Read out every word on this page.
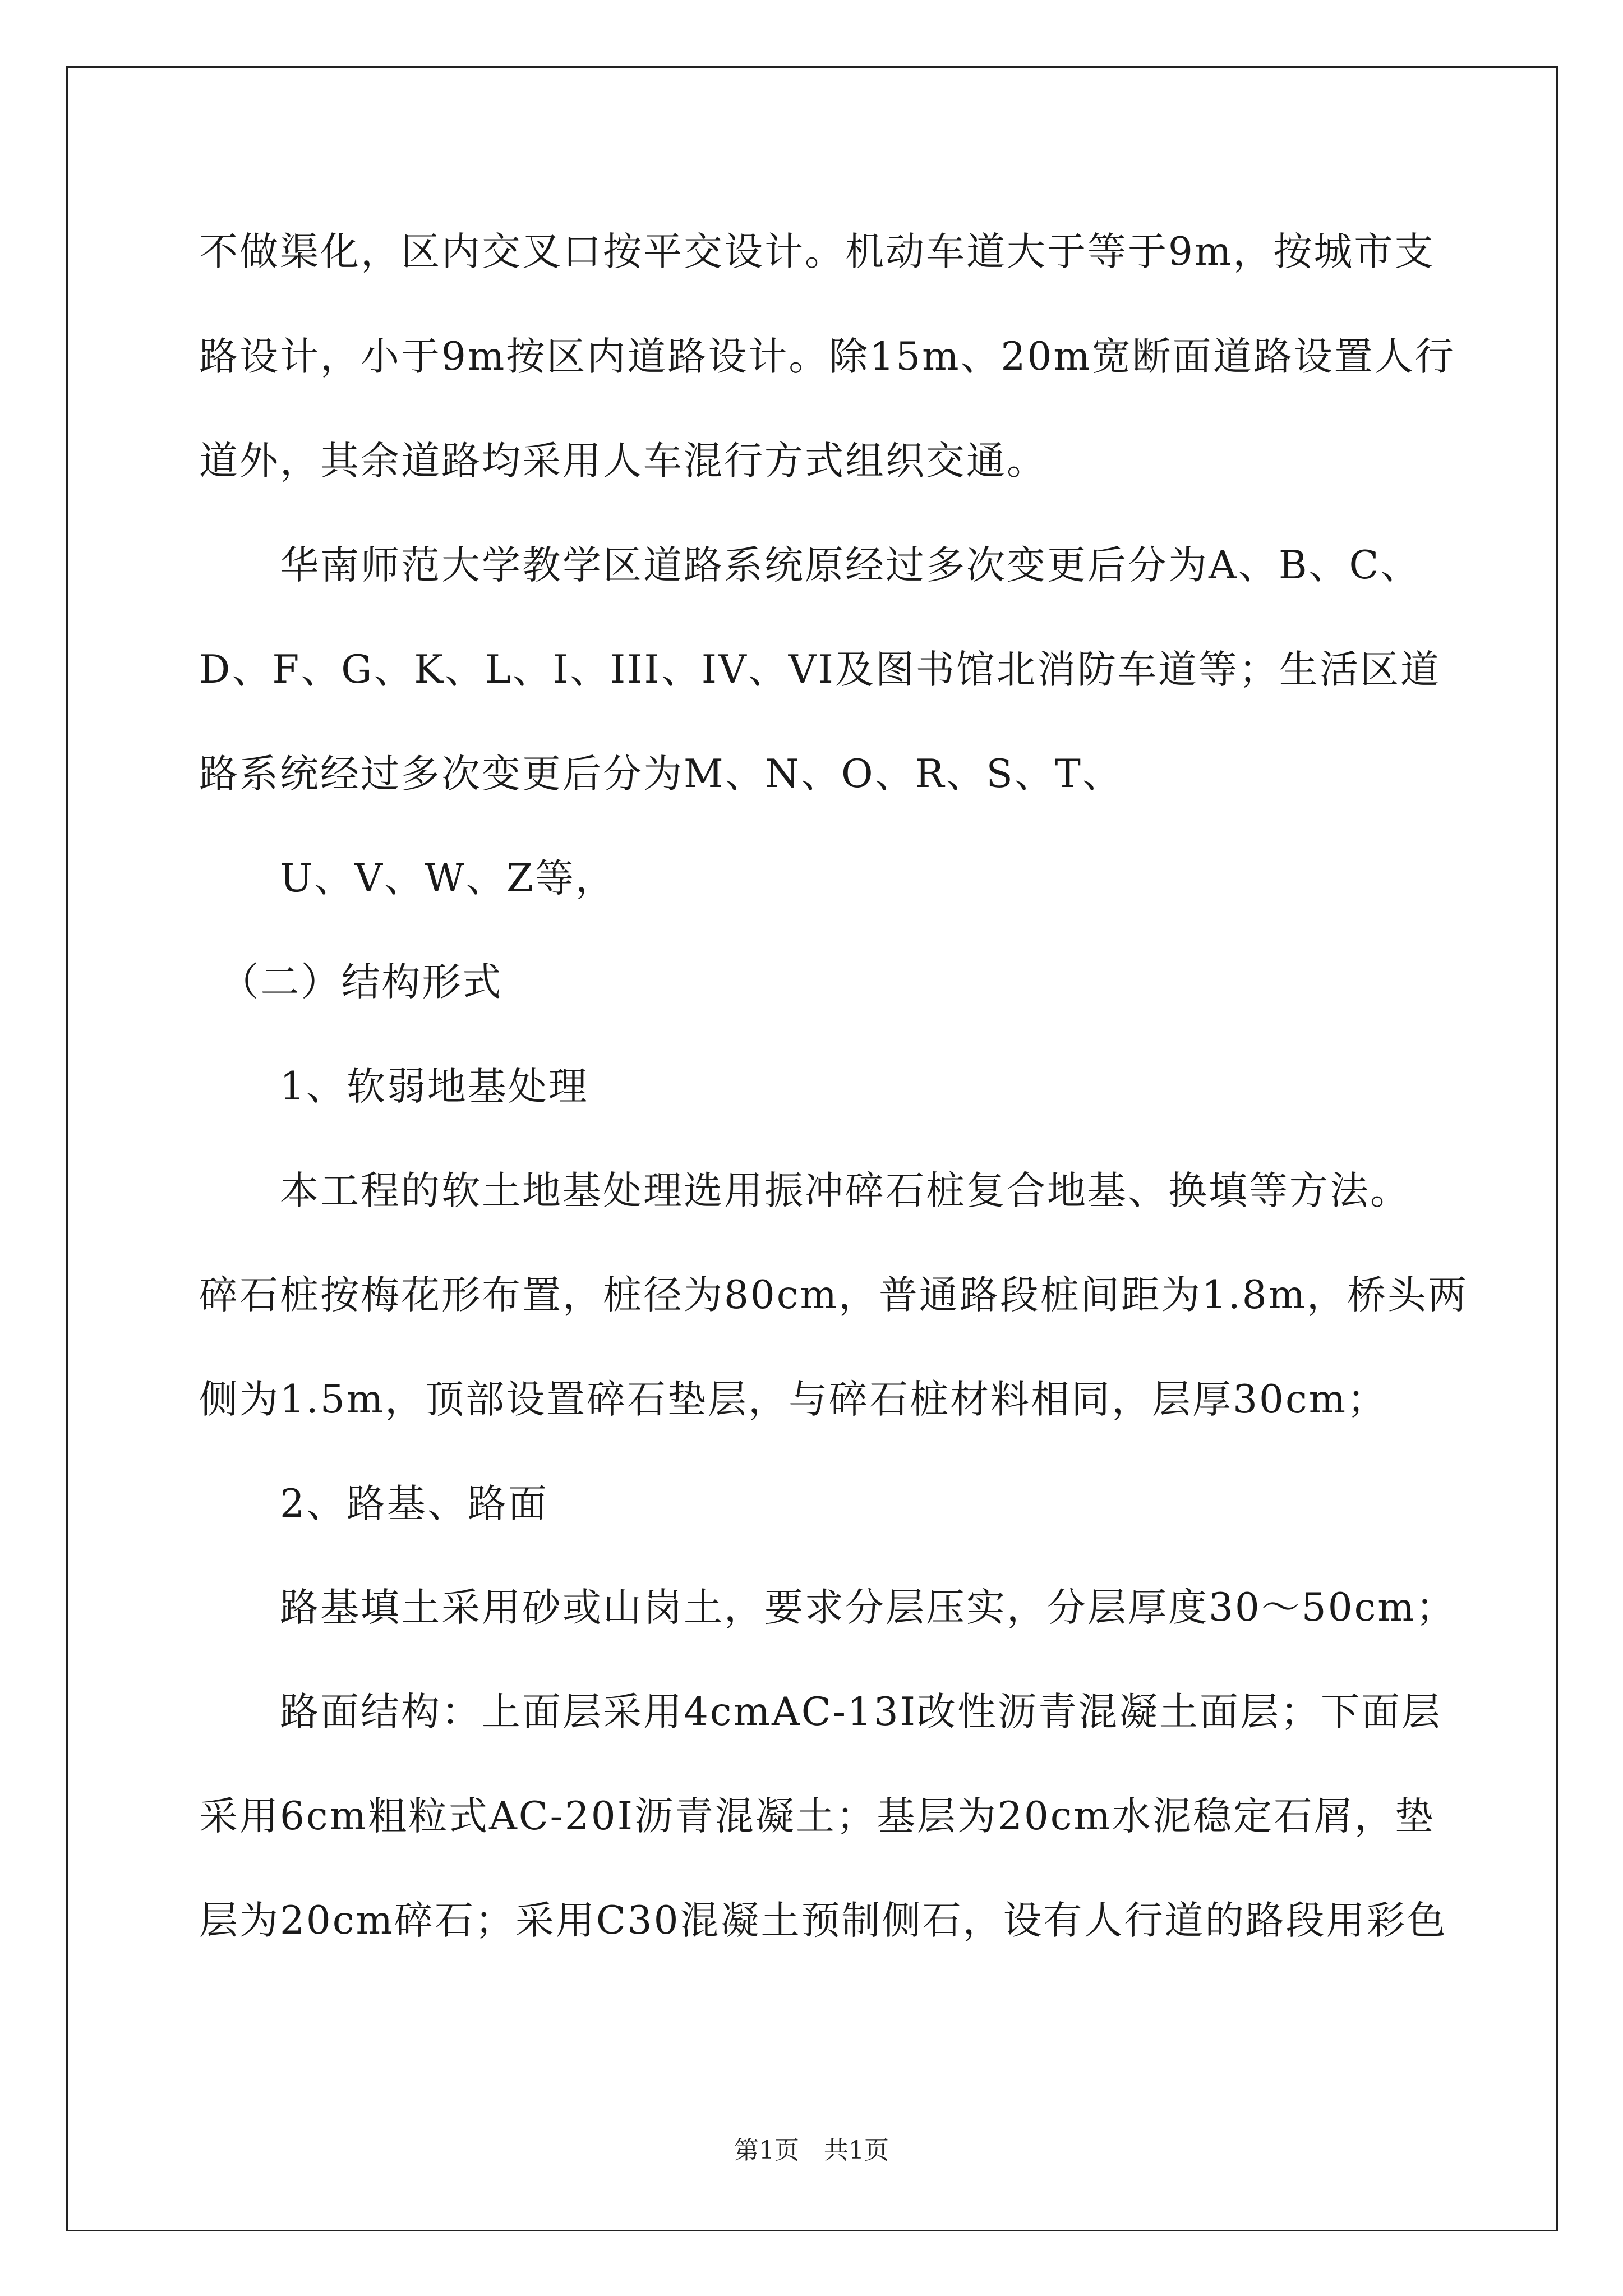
不做渠化，区内交叉口按平交设计。机动车道大于等于9m，按城市支
路设计，小于9m按区内道路设计。除15m、20m宽断面道路设置人行
道外，其余道路均采用人车混行方式组织交通。
　　华南师范大学教学区道路系统原经过多次变更后分为A、B、C、
D、F、G、K、L、I、III、IV、VI及图书馆北消防车道等；生活区道
路系统经过多次变更后分为M、N、O、R、S、T、
　　U、V、W、Z等，
　（二）结构形式
　　1、软弱地基处理
　　本工程的软土地基处理选用振冲碎石桩复合地基、换填等方法。
碎石桩按梅花形布置，桩径为80cm，普通路段桩间距为1.8m，桥头两
侧为1.5m，顶部设置碎石垫层，与碎石桩材料相同，层厚30cm；
　　2、路基、路面
　　路基填土采用砂或山岗土，要求分层压实，分层厚度30～50cm；
　　路面结构：上面层采用4cmAC-13I改性沥青混凝土面层；下面层
采用6cm粗粒式AC-20I沥青混凝土；基层为20cm水泥稳定石屑，垫
层为20cm碎石；采用C30混凝土预制侧石，设有人行道的路段用彩色
第1页　共1页
